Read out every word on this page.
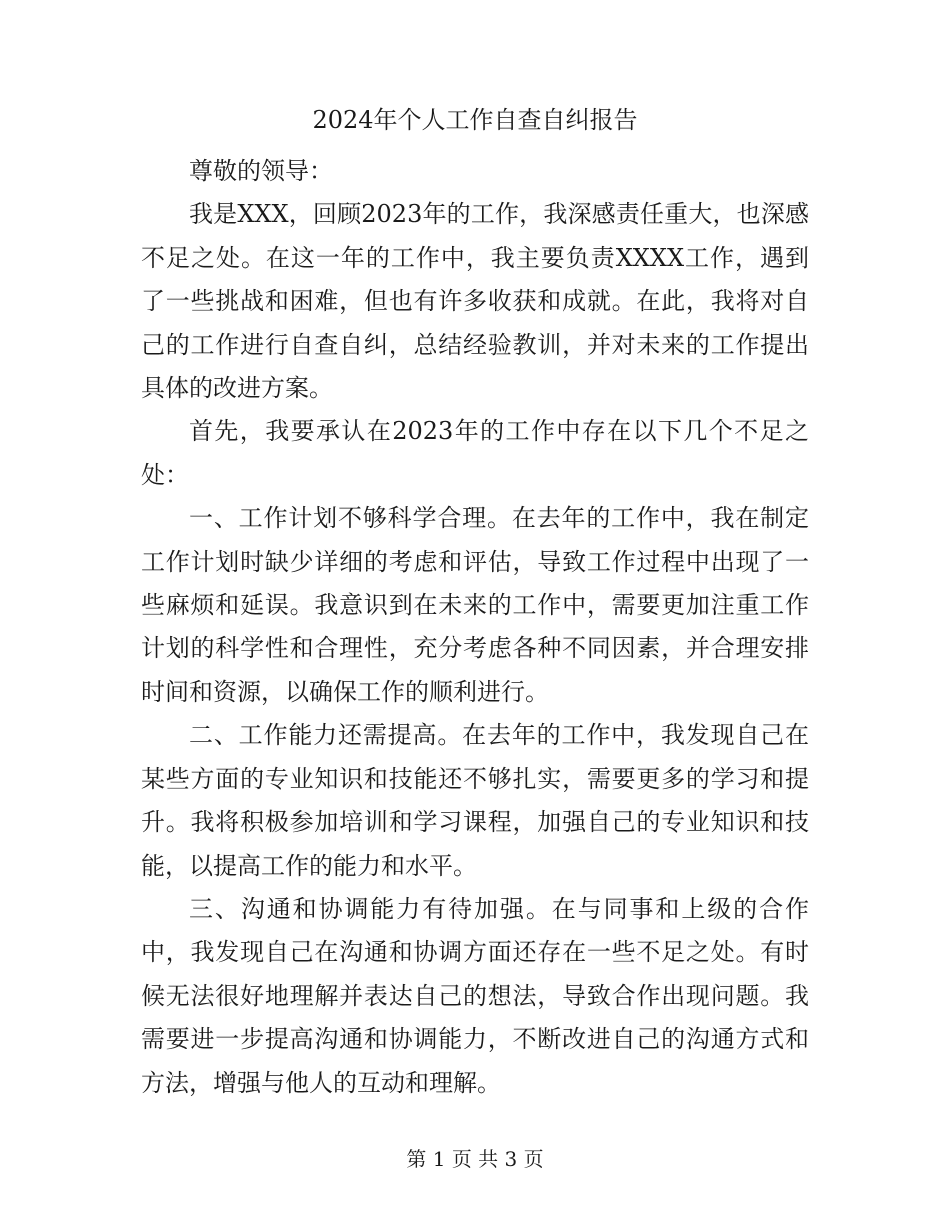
2024年个人工作自查自纠报告

尊敬的领导：

我是XXX，回顾2023年的工作，我深感责任重大，也深感不足之处。在这一年的工作中，我主要负责XXXX工作，遇到了一些挑战和困难，但也有许多收获和成就。在此，我将对自己的工作进行自查自纠，总结经验教训，并对未来的工作提出具体的改进方案。

首先，我要承认在2023年的工作中存在以下几个不足之处：

一、工作计划不够科学合理。在去年的工作中，我在制定工作计划时缺少详细的考虑和评估，导致工作过程中出现了一些麻烦和延误。我意识到在未来的工作中，需要更加注重工作计划的科学性和合理性，充分考虑各种不同因素，并合理安排时间和资源，以确保工作的顺利进行。

二、工作能力还需提高。在去年的工作中，我发现自己在某些方面的专业知识和技能还不够扎实，需要更多的学习和提升。我将积极参加培训和学习课程，加强自己的专业知识和技能，以提高工作的能力和水平。

三、沟通和协调能力有待加强。在与同事和上级的合作中，我发现自己在沟通和协调方面还存在一些不足之处。有时候无法很好地理解并表达自己的想法，导致合作出现问题。我需要进一步提高沟通和协调能力，不断改进自己的沟通方式和方法，增强与他人的互动和理解。

第 1 页 共 3 页
